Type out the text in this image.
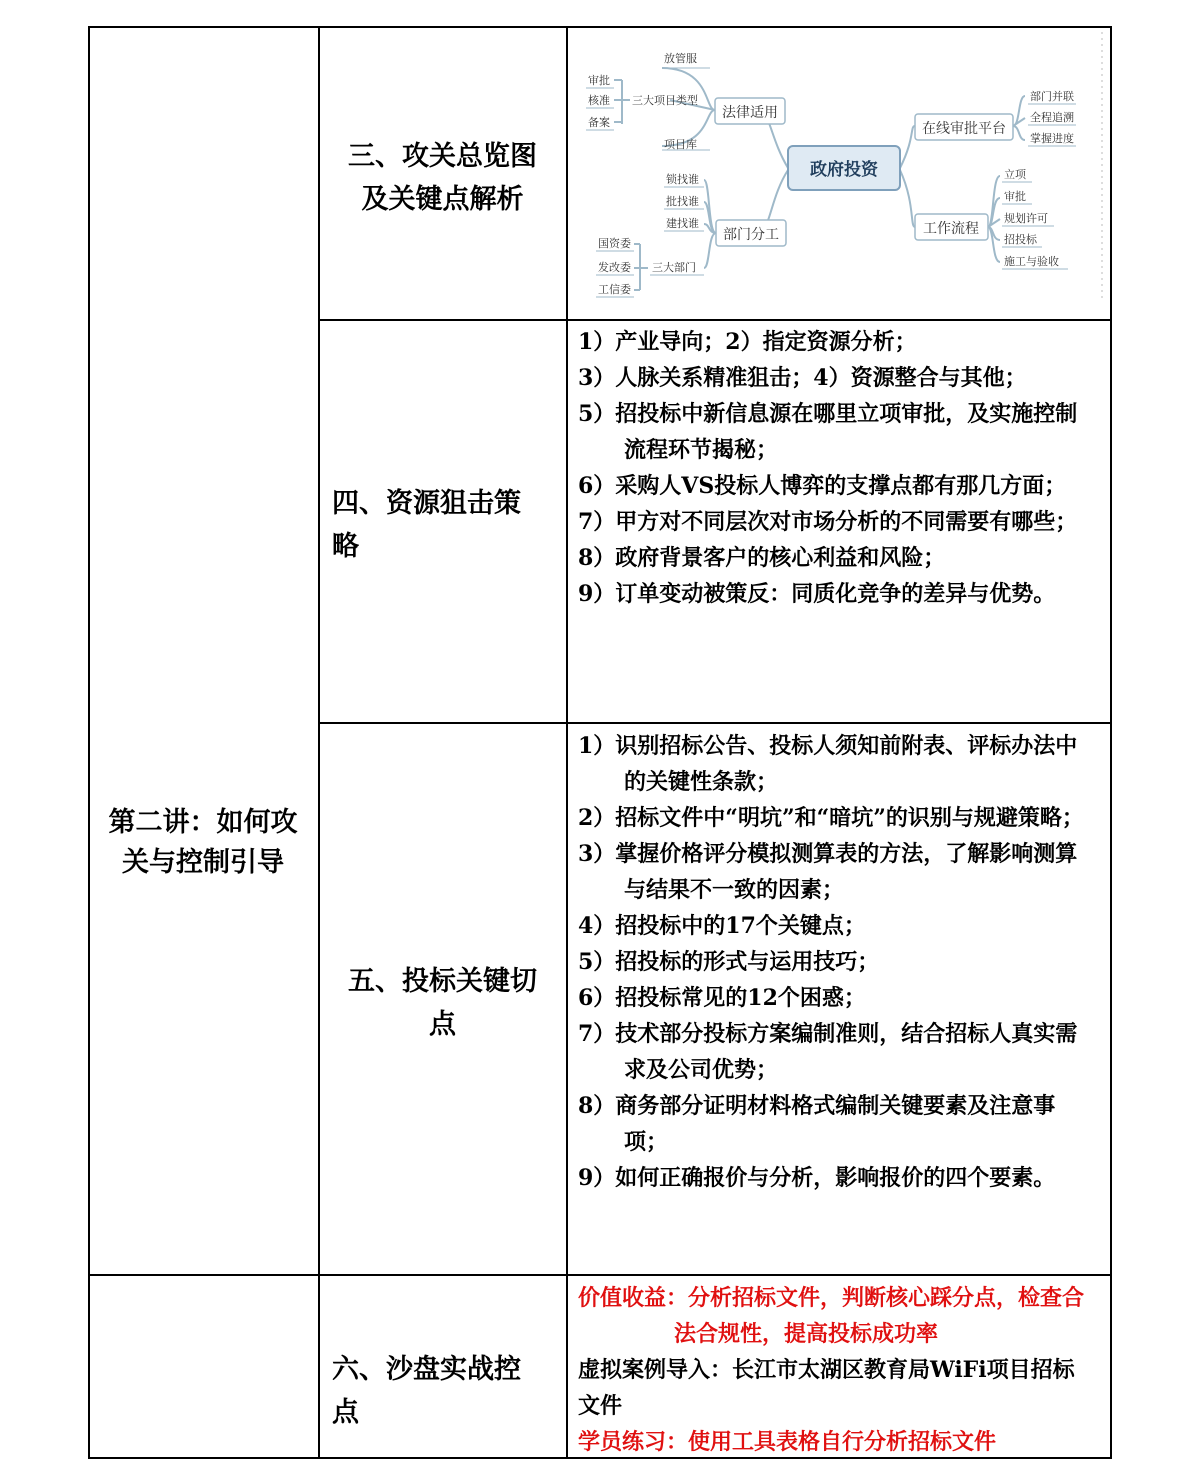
第二讲：如何攻关与控制引导
三、攻关总览图及关键点解析
政府投资
法律适用
在线审批平台
部门分工	工作流程
放管服
三大项目类型
项目库
审批
核准
备案
部门并联
全程追溯
掌握进度
锁找谁
批找谁
建找谁
三大部门
国资委
发改委
工信委
立项
审批
规划许可
招投标
施工与验收
四、资源狙击策略

1）产业导向；2）指定资源分析；

3）人脉关系精准狙击；4）资源整合与其他；

5）招投标中新信息源在哪里立项审批，及实施控制流程环节揭秘；

6）采购人VS投标人博弈的支撑点都有那几方面；

7）甲方对不同层次对市场分析的不同需要有哪些；

8）政府背景客户的核心利益和风险；

9）订单变动被策反：同质化竞争的差异与优势。

五、投标关键切点

1）识别招标公告、投标人须知前附表、评标办法中的关键性条款；

2）招标文件中“明坑”和“暗坑”的识别与规避策略；

3）掌握价格评分模拟测算表的方法，了解影响测算与结果不一致的因素；

4）招投标中的17个关键点；

5）招投标的形式与运用技巧；

6）招投标常见的12个困惑；

7）技术部分投标方案编制准则，结合招标人真实需求及公司优势；

8）商务部分证明材料格式编制关键要素及注意事项；

9）如何正确报价与分析，影响报价的四个要素。

六、沙盘实战控点

价值收益：分析招标文件，判断核心踩分点，检查合法合规性，提高投标成功率

虚拟案例导入：长江市太湖区教育局WiFi项目招标文件

学员练习：使用工具表格自行分析招标文件
